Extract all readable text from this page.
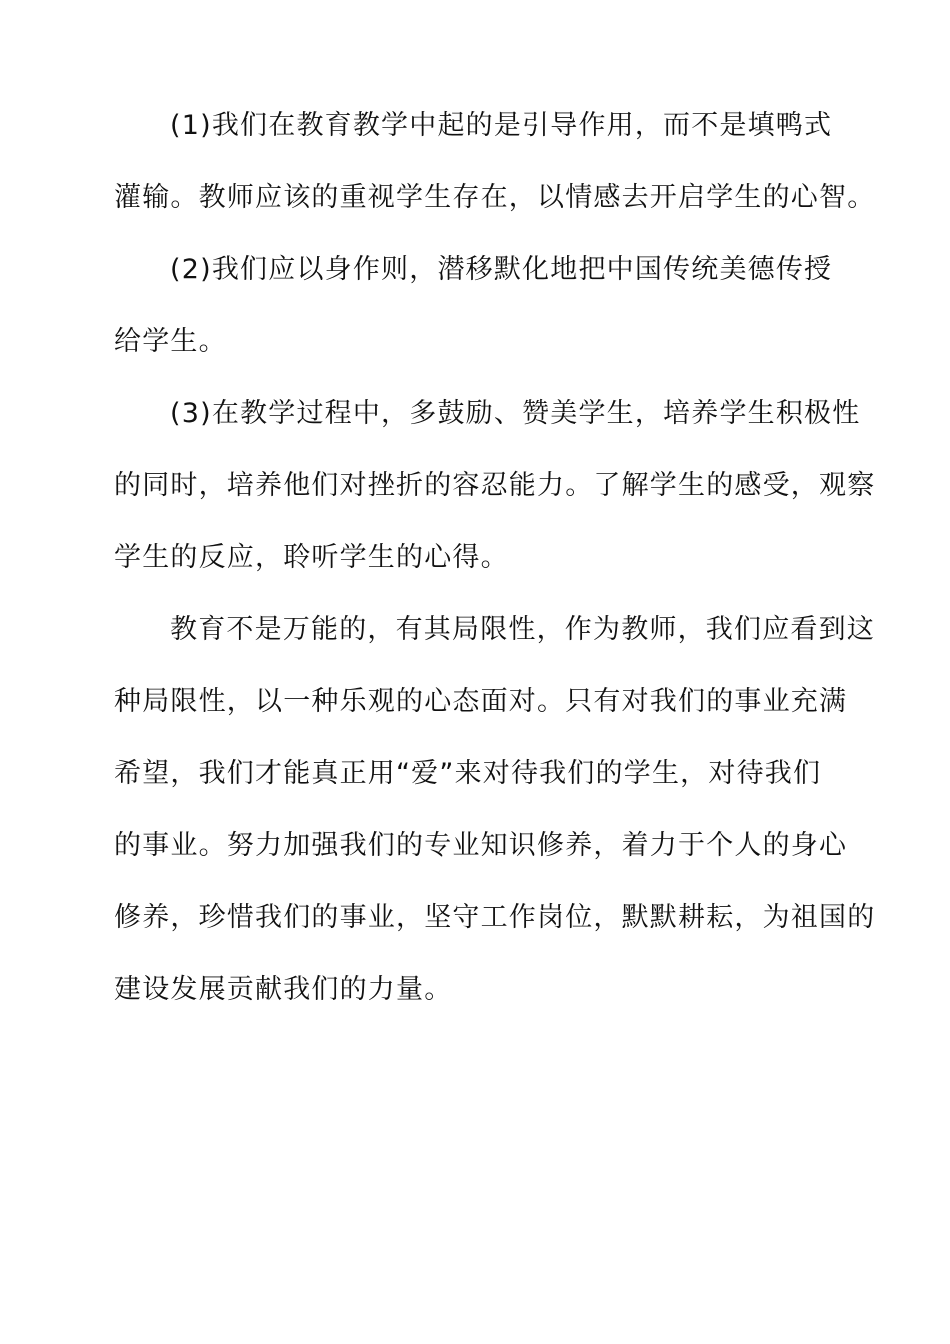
(1)我们在教育教学中起的是引导作用，而不是填鸭式
灌输。教师应该的重视学生存在，以情感去开启学生的心智。
(2)我们应以身作则，潜移默化地把中国传统美德传授
给学生。
(3)在教学过程中，多鼓励、赞美学生，培养学生积极性
的同时，培养他们对挫折的容忍能力。了解学生的感受，观察
学生的反应，聆听学生的心得。
教育不是万能的，有其局限性，作为教师，我们应看到这
种局限性，以一种乐观的心态面对。只有对我们的事业充满
希望，我们才能真正用“爱”来对待我们的学生，对待我们
的事业。努力加强我们的专业知识修养，着力于个人的身心
修养，珍惜我们的事业，坚守工作岗位，默默耕耘，为祖国的
建设发展贡献我们的力量。
